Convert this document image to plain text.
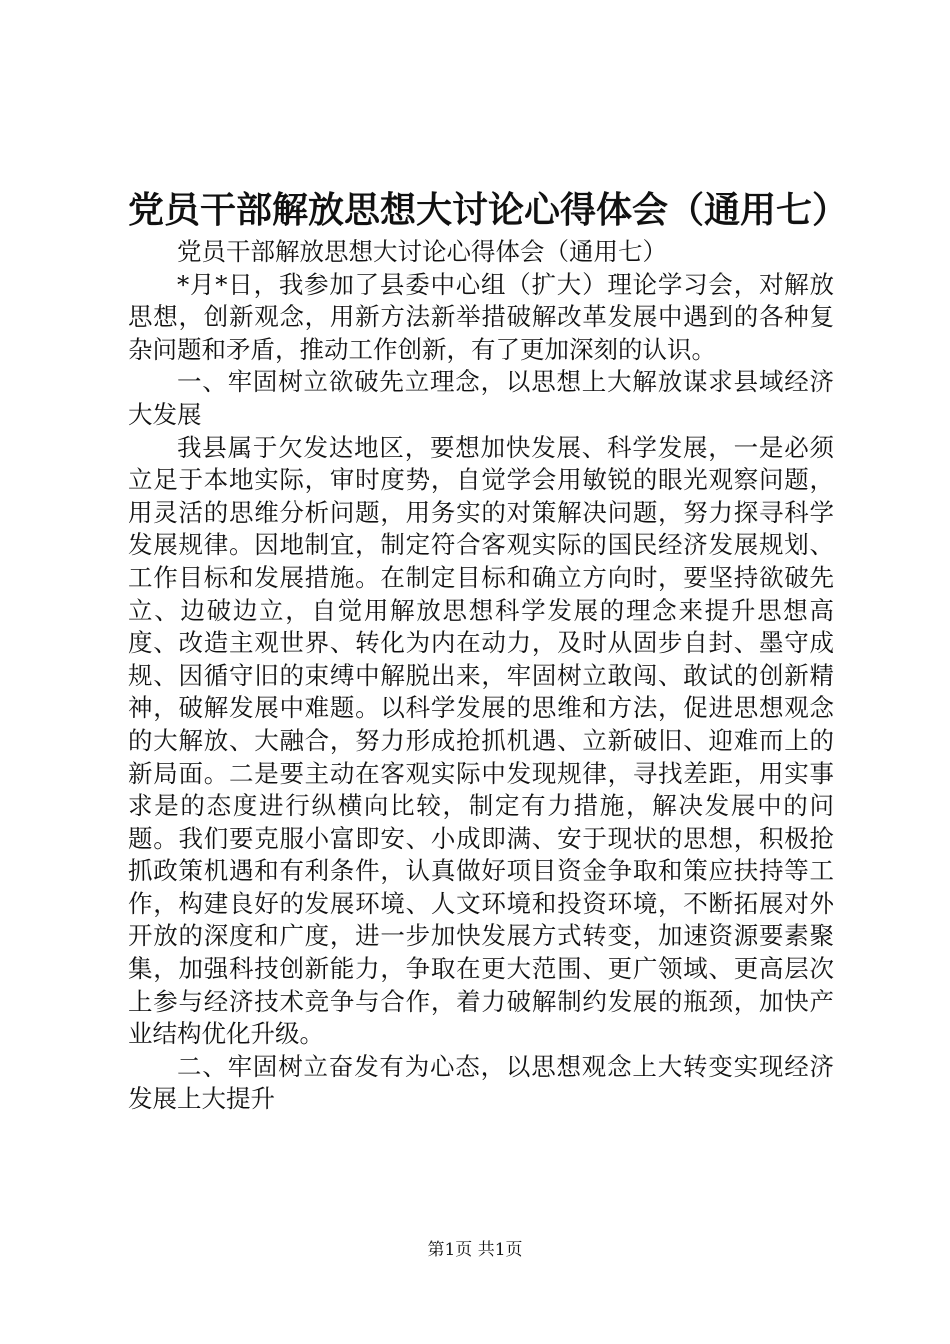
党员干部解放思想大讨论心得体会（通用七）

党员干部解放思想大讨论心得体会（通用七）

*月*日，我参加了县委中心组（扩大）理论学习会，对解放思想，创新观念，用新方法新举措破解改革发展中遇到的各种复杂问题和矛盾，推动工作创新，有了更加深刻的认识。

一、牢固树立欲破先立理念，以思想上大解放谋求县域经济大发展

我县属于欠发达地区，要想加快发展、科学发展，一是必须立足于本地实际，审时度势，自觉学会用敏锐的眼光观察问题，用灵活的思维分析问题，用务实的对策解决问题，努力探寻科学发展规律。因地制宜，制定符合客观实际的国民经济发展规划、工作目标和发展措施。在制定目标和确立方向时，要坚持欲破先立、边破边立，自觉用解放思想科学发展的理念来提升思想高度、改造主观世界、转化为内在动力，及时从固步自封、墨守成规、因循守旧的束缚中解脱出来，牢固树立敢闯、敢试的创新精神，破解发展中难题。以科学发展的思维和方法，促进思想观念的大解放、大融合，努力形成抢抓机遇、立新破旧、迎难而上的新局面。二是要主动在客观实际中发现规律，寻找差距，用实事求是的态度进行纵横向比较，制定有力措施，解决发展中的问题。我们要克服小富即安、小成即满、安于现状的思想，积极抢抓政策机遇和有利条件，认真做好项目资金争取和策应扶持等工作，构建良好的发展环境、人文环境和投资环境，不断拓展对外开放的深度和广度，进一步加快发展方式转变，加速资源要素聚集，加强科技创新能力，争取在更大范围、更广领域、更高层次上参与经济技术竞争与合作，着力破解制约发展的瓶颈，加快产业结构优化升级。

二、牢固树立奋发有为心态，以思想观念上大转变实现经济发展上大提升

第1页 共1页
